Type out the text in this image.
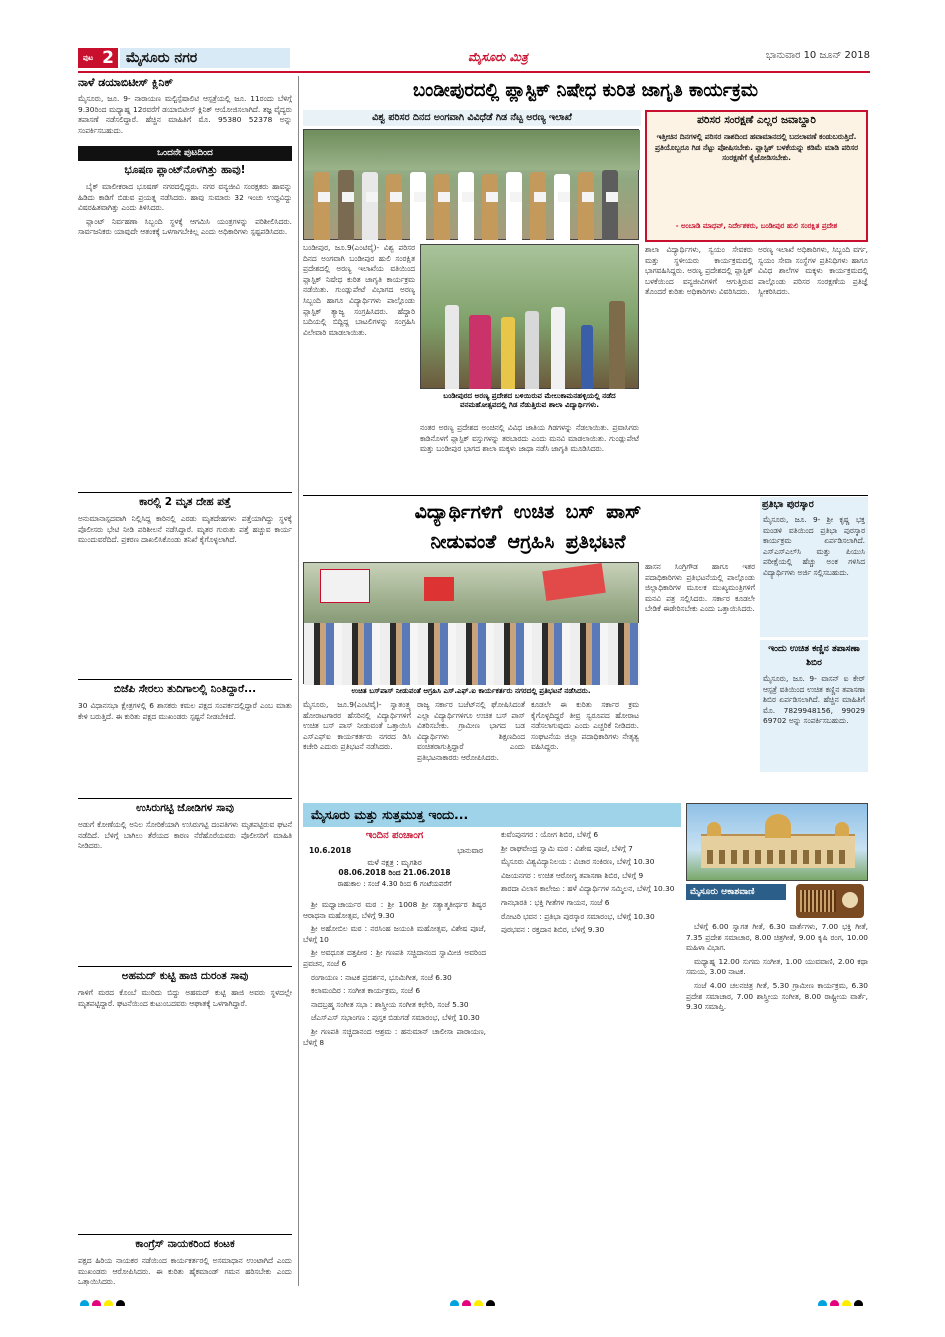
ಪುಟ 2 ಮೈಸೂರು ನಗರ	ಮೈಸೂರು ಮಿತ್ರ	ಭಾನುವಾರ 10 ಜೂನ್ 2018
ನಾಳೆ ಡಯಾಬಿಟೀಸ್ ಕ್ಲಿನಿಕ್
ಮೈಸೂರು, ಜೂ. 9- ನಾರಾಯಣ ಮಲ್ಟಿಸ್ಪೆಷಾಲಿಟಿ ಆಸ್ಪತ್ರೆಯಲ್ಲಿ ಜೂ. 11ರಂದು ಬೆಳಿಗ್ಗೆ 9.30ರಿಂದ ಮಧ್ಯಾಹ್ನ 12ರವರೆಗೆ ಡಯಾಬಿಟೀಸ್ ಕ್ಲಿನಿಕ್ ಆಯೋಜಿಸಲಾಗಿದೆ. ತಜ್ಞ ವೈದ್ಯರು ತಪಾಸಣೆ ನಡೆಸಲಿದ್ದಾರೆ. ಹೆಚ್ಚಿನ ಮಾಹಿತಿಗೆ ಮೊ. 95380 52378 ಅನ್ನು ಸಂಪರ್ಕಿಸಬಹುದು.
ಒಂದನೇ ಪುಟದಿಂದ
ಭೂಷಣ ಪ್ಲಾಂಟ್‌ನೊಳಗಿತ್ತು ಹಾವು!

ಬೈಕ್ ಮಾಲೀಕರಾದ ಭೂಷಣ್ ನಗರದಲ್ಲಿದ್ದರು. ನಗರ ವನ್ಯಜೀವಿ ಸಂರಕ್ಷಕರು ಹಾವನ್ನು ಹಿಡಿದು ಕಾಡಿಗೆ ಬಿಡುವ ಪ್ರಯತ್ನ ನಡೆಸಿದರು. ಹಾವು ಸುಮಾರು 32 ಇಂಚು ಉದ್ದವಿದ್ದು ವಿಷರಹಿತವಾಗಿತ್ತು ಎಂದು ತಿಳಿಸಿದರು.

ಪ್ಲಾಂಟ್ ನಿರ್ವಹಣಾ ಸಿಬ್ಬಂದಿ ಸ್ಥಳಕ್ಕೆ ಆಗಮಿಸಿ ಯಂತ್ರಗಳನ್ನು ಪರಿಶೀಲಿಸಿದರು. ಸಾರ್ವಜನಿಕರು ಯಾವುದೇ ಆತಂಕಕ್ಕೆ ಒಳಗಾಗಬೇಕಿಲ್ಲ ಎಂದು ಅಧಿಕಾರಿಗಳು ಸ್ಪಷ್ಟಪಡಿಸಿದರು.

ಕಾರಲ್ಲಿ 2 ಮೃತ ದೇಹ ಪತ್ತೆ
ಅನುಮಾನಾಸ್ಪದವಾಗಿ ನಿಲ್ಲಿಸಿದ್ದ ಕಾರಿನಲ್ಲಿ ಎರಡು ಮೃತದೇಹಗಳು ಪತ್ತೆಯಾಗಿದ್ದು ಸ್ಥಳಕ್ಕೆ ಪೊಲೀಸರು ಭೇಟಿ ನೀಡಿ ಪರಿಶೀಲನೆ ನಡೆಸಿದ್ದಾರೆ. ಮೃತರ ಗುರುತು ಪತ್ತೆ ಹಚ್ಚುವ ಕಾರ್ಯ ಮುಂದುವರೆದಿದೆ. ಪ್ರಕರಣ ದಾಖಲಿಸಿಕೊಂಡು ತನಿಖೆ ಕೈಗೊಳ್ಳಲಾಗಿದೆ.
ಬಿಜೆಪಿ ಸೇರಲು ತುದಿಗಾಲಲ್ಲಿ ನಿಂತಿದ್ದಾರೆ...
30 ವಿಧಾನಸಭಾ ಕ್ಷೇತ್ರಗಳಲ್ಲಿ 6 ಶಾಸಕರು ಕಮಲ ಪಕ್ಷದ ಸಂಪರ್ಕದಲ್ಲಿದ್ದಾರೆ ಎಂಬ ಮಾತು ಕೇಳಿ ಬರುತ್ತಿದೆ. ಈ ಕುರಿತು ಪಕ್ಷದ ಮುಖಂಡರು ಸ್ಪಷ್ಟನೆ ನೀಡಬೇಕಿದೆ.
ಉಸಿರುಗಟ್ಟಿ ಜೋಡಿಗಳ ಸಾವು
ಅಡುಗೆ ಕೋಣೆಯಲ್ಲಿ ಅನಿಲ ಸೋರಿಕೆಯಾಗಿ ಉಸಿರುಗಟ್ಟಿ ದಂಪತಿಗಳು ಮೃತಪಟ್ಟಿರುವ ಘಟನೆ ನಡೆದಿದೆ. ಬೆಳಿಗ್ಗೆ ಬಾಗಿಲು ತೆರೆಯದ ಕಾರಣ ನೆರೆಹೊರೆಯವರು ಪೊಲೀಸರಿಗೆ ಮಾಹಿತಿ ನೀಡಿದರು.
ಅಹಮದ್ ಕುಟ್ಟಿ ಹಾಜಿ ದುರಂತ ಸಾವು
ಗಾಳಿಗೆ ಮರದ ಕೊಂಬೆ ಮುರಿದು ಬಿದ್ದು ಅಹಮದ್ ಕುಟ್ಟಿ ಹಾಜಿ ಅವರು ಸ್ಥಳದಲ್ಲೇ ಮೃತಪಟ್ಟಿದ್ದಾರೆ. ಘಟನೆಯಿಂದ ಕುಟುಂಬದವರು ಆಘಾತಕ್ಕೆ ಒಳಗಾಗಿದ್ದಾರೆ.
ಕಾಂಗ್ರೆಸ್ ನಾಯಕರಿಂದ ಕಂಟಕ
ಪಕ್ಷದ ಹಿರಿಯ ನಾಯಕರ ನಡೆಯಿಂದ ಕಾರ್ಯಕರ್ತರಲ್ಲಿ ಅಸಮಾಧಾನ ಉಂಟಾಗಿದೆ ಎಂದು ಮುಖಂಡರು ಆರೋಪಿಸಿದರು. ಈ ಕುರಿತು ಹೈಕಮಾಂಡ್ ಗಮನ ಹರಿಸಬೇಕು ಎಂದು ಒತ್ತಾಯಿಸಿದರು.
ಬಂಡೀಪುರದಲ್ಲಿ ಪ್ಲಾಸ್ಟಿಕ್ ನಿಷೇಧ ಕುರಿತ ಜಾಗೃತಿ ಕಾರ್ಯಕ್ರಮ
ವಿಶ್ವ ಪರಿಸರ ದಿನದ ಅಂಗವಾಗಿ ವಿವಿಧೆಡೆ ಗಿಡ ನೆಟ್ಟ ಅರಣ್ಯ ಇಲಾಖೆ
ಬಂಡೀಪುರದ ಅರಣ್ಯ ಪ್ರದೇಶದ ಬಳಿಯಿರುವ ಮೇಲುಕಾಮನಹಳ್ಳಿಯಲ್ಲಿ ನಡೆದ ವನಮಹೋತ್ಸವದಲ್ಲಿ ಗಿಡ ನೆಡುತ್ತಿರುವ ಶಾಲಾ ವಿದ್ಯಾರ್ಥಿಗಳು.
ಬಂಡೀಪುರ, ಜೂ.9(ಎಂಟಿವೈ)- ವಿಶ್ವ ಪರಿಸರ ದಿನದ ಅಂಗವಾಗಿ ಬಂಡೀಪುರ ಹುಲಿ ಸಂರಕ್ಷಿತ ಪ್ರದೇಶದಲ್ಲಿ ಅರಣ್ಯ ಇಲಾಖೆಯ ವತಿಯಿಂದ ಪ್ಲಾಸ್ಟಿಕ್ ನಿಷೇಧ ಕುರಿತ ಜಾಗೃತಿ ಕಾರ್ಯಕ್ರಮ ನಡೆಯಿತು. ಗುಂಡ್ಲುಪೇಟೆ ವಿಭಾಗದ ಅರಣ್ಯ ಸಿಬ್ಬಂದಿ ಹಾಗೂ ವಿದ್ಯಾರ್ಥಿಗಳು ಪಾಲ್ಗೊಂಡು ಪ್ಲಾಸ್ಟಿಕ್ ತ್ಯಾಜ್ಯ ಸಂಗ್ರಹಿಸಿದರು. ಹೆದ್ದಾರಿ ಬದಿಯಲ್ಲಿ ಬಿದ್ದಿದ್ದ ಬಾಟಲಿಗಳನ್ನು ಸಂಗ್ರಹಿಸಿ ವಿಲೇವಾರಿ ಮಾಡಲಾಯಿತು.
ನಂತರ ಅರಣ್ಯ ಪ್ರದೇಶದ ಅಂಚಿನಲ್ಲಿ ವಿವಿಧ ಜಾತಿಯ ಗಿಡಗಳನ್ನು ನೆಡಲಾಯಿತು. ಪ್ರವಾಸಿಗರು ಕಾಡಿನೊಳಗೆ ಪ್ಲಾಸ್ಟಿಕ್ ವಸ್ತುಗಳನ್ನು ತರಬಾರದು ಎಂದು ಮನವಿ ಮಾಡಲಾಯಿತು. ಗುಂಡ್ಲುಪೇಟೆ ಮತ್ತು ಬಂಡೀಪುರ ಭಾಗದ ಶಾಲಾ ಮಕ್ಕಳು ಜಾಥಾ ನಡೆಸಿ ಜಾಗೃತಿ ಮೂಡಿಸಿದರು.
ಪರಿಸರ ಸಂರಕ್ಷಣೆ ಎಲ್ಲರ ಜವಾಬ್ದಾರಿ
ಇತ್ತೀಚಿನ ದಿನಗಳಲ್ಲಿ ಪರಿಸರ ನಾಶದಿಂದ ಹವಾಮಾನದಲ್ಲಿ ಬದಲಾವಣೆ ಕಂಡುಬರುತ್ತಿದೆ. ಪ್ರತಿಯೊಬ್ಬರೂ ಗಿಡ ನೆಟ್ಟು ಪೋಷಿಸಬೇಕು. ಪ್ಲಾಸ್ಟಿಕ್ ಬಳಕೆಯನ್ನು ಕಡಿಮೆ ಮಾಡಿ ಪರಿಸರ ಸಂರಕ್ಷಣೆಗೆ ಕೈಜೋಡಿಸಬೇಕು.
- ಅಂಬಾಡಿ ಮಾಧವ್, ನಿರ್ದೇಶಕರು, ಬಂಡೀಪುರ ಹುಲಿ ಸಂರಕ್ಷಿತ ಪ್ರದೇಶ
ಶಾಲಾ ವಿದ್ಯಾರ್ಥಿಗಳು, ಸ್ವಯಂ ಸೇವಕರು ಮತ್ತು ಸ್ಥಳೀಯರು ಕಾರ್ಯಕ್ರಮದಲ್ಲಿ ಭಾಗವಹಿಸಿದ್ದರು. ಅರಣ್ಯ ಪ್ರದೇಶದಲ್ಲಿ ಪ್ಲಾಸ್ಟಿಕ್ ಬಳಕೆಯಿಂದ ವನ್ಯಜೀವಿಗಳಿಗೆ ಆಗುತ್ತಿರುವ ತೊಂದರೆ ಕುರಿತು ಅಧಿಕಾರಿಗಳು ವಿವರಿಸಿದರು.
ಅರಣ್ಯ ಇಲಾಖೆ ಅಧಿಕಾರಿಗಳು, ಸಿಬ್ಬಂದಿ ವರ್ಗ, ಸ್ವಯಂ ಸೇವಾ ಸಂಸ್ಥೆಗಳ ಪ್ರತಿನಿಧಿಗಳು ಹಾಗೂ ವಿವಿಧ ಶಾಲೆಗಳ ಮಕ್ಕಳು ಕಾರ್ಯಕ್ರಮದಲ್ಲಿ ಪಾಲ್ಗೊಂಡು ಪರಿಸರ ಸಂರಕ್ಷಣೆಯ ಪ್ರತಿಜ್ಞೆ ಸ್ವೀಕರಿಸಿದರು.
ವಿದ್ಯಾರ್ಥಿಗಳಿಗೆ ಉಚಿತ ಬಸ್ ಪಾಸ್
ನೀಡುವಂತೆ ಆಗ್ರಹಿಸಿ ಪ್ರತಿಭಟನೆ
ಉಚಿತ ಬಸ್‌ಪಾಸ್ ನೀಡುವಂತೆ ಆಗ್ರಹಿಸಿ ಎಸ್.ಎಫ್.ಐ ಕಾರ್ಯಕರ್ತರು ನಗರದಲ್ಲಿ ಪ್ರತಿಭಟನೆ ನಡೆಸಿದರು.
ಹಾಸನ ಸಿಂಗ್ರಿಗೌಡ ಹಾಗೂ ಇತರ ಪದಾಧಿಕಾರಿಗಳು ಪ್ರತಿಭಟನೆಯಲ್ಲಿ ಪಾಲ್ಗೊಂಡು ಜಿಲ್ಲಾಧಿಕಾರಿಗಳ ಮೂಲಕ ಮುಖ್ಯಮಂತ್ರಿಗಳಿಗೆ ಮನವಿ ಪತ್ರ ಸಲ್ಲಿಸಿದರು. ಸರ್ಕಾರ ಕೂಡಲೇ ಬೇಡಿಕೆ ಈಡೇರಿಸಬೇಕು ಎಂದು ಒತ್ತಾಯಿಸಿದರು.
ಮೈಸೂರು, ಜೂ.9(ಎಂಟಿವೈ)- ಸ್ವಾತಂತ್ರ್ಯ ಹೋರಾಟಗಾರರ ಹೆಸರಿನಲ್ಲಿ ವಿದ್ಯಾರ್ಥಿಗಳಿಗೆ ಉಚಿತ ಬಸ್ ಪಾಸ್ ನೀಡುವಂತೆ ಒತ್ತಾಯಿಸಿ ಎಸ್‌ಎಫ್‌ಐ ಕಾರ್ಯಕರ್ತರು ನಗರದ ಡಿಸಿ ಕಚೇರಿ ಎದುರು ಪ್ರತಿಭಟನೆ ನಡೆಸಿದರು.
ರಾಜ್ಯ ಸರ್ಕಾರ ಬಜೆಟ್‌ನಲ್ಲಿ ಘೋಷಿಸಿದಂತೆ ಎಲ್ಲಾ ವಿದ್ಯಾರ್ಥಿಗಳಿಗೂ ಉಚಿತ ಬಸ್ ಪಾಸ್ ವಿತರಿಸಬೇಕು. ಗ್ರಾಮೀಣ ಭಾಗದ ಬಡ ವಿದ್ಯಾರ್ಥಿಗಳು ಶಿಕ್ಷಣದಿಂದ ವಂಚಿತರಾಗುತ್ತಿದ್ದಾರೆ ಎಂದು ಪ್ರತಿಭಟನಾಕಾರರು ಆರೋಪಿಸಿದರು.
ಕೂಡಲೇ ಈ ಕುರಿತು ಸರ್ಕಾರ ಕ್ರಮ ಕೈಗೊಳ್ಳದಿದ್ದರೆ ತೀವ್ರ ಸ್ವರೂಪದ ಹೋರಾಟ ನಡೆಸಲಾಗುವುದು ಎಂದು ಎಚ್ಚರಿಕೆ ನೀಡಿದರು. ಸಂಘಟನೆಯ ಜಿಲ್ಲಾ ಪದಾಧಿಕಾರಿಗಳು ನೇತೃತ್ವ ವಹಿಸಿದ್ದರು.
ಪ್ರತಿಭಾ ಪುರಸ್ಕಾರ
ಮೈಸೂರು, ಜೂ. 9- ಶ್ರೀ ಕೃಷ್ಣ ಭಕ್ತ ಮಂಡಳಿ ವತಿಯಿಂದ ಪ್ರತಿಭಾ ಪುರಸ್ಕಾರ ಕಾರ್ಯಕ್ರಮ ಏರ್ಪಡಿಸಲಾಗಿದೆ. ಎಸ್ಎಸ್ಎಲ್‌ಸಿ ಮತ್ತು ಪಿಯುಸಿ ಪರೀಕ್ಷೆಯಲ್ಲಿ ಹೆಚ್ಚು ಅಂಕ ಗಳಿಸಿದ ವಿದ್ಯಾರ್ಥಿಗಳು ಅರ್ಜಿ ಸಲ್ಲಿಸಬಹುದು.
ಇಂದು ಉಚಿತ ಕಣ್ಣಿನ ತಪಾಸಣಾ ಶಿಬಿರ
ಮೈಸೂರು, ಜೂ. 9- ವಾಸನ್ ಐ ಕೇರ್ ಆಸ್ಪತ್ರೆ ವತಿಯಿಂದ ಉಚಿತ ಕಣ್ಣಿನ ತಪಾಸಣಾ ಶಿಬಿರ ಏರ್ಪಡಿಸಲಾಗಿದೆ. ಹೆಚ್ಚಿನ ಮಾಹಿತಿಗೆ ಮೊ. 7829948156, 99029 69702 ಅನ್ನು ಸಂಪರ್ಕಿಸಬಹುದು.
ಮೈಸೂರು ಮತ್ತು ಸುತ್ತಮುತ್ತ ಇಂದು...
ಇಂದಿನ ಪಂಚಾಂಗ
10.6.2018	ಭಾನುವಾರ
ಮಳೆ ನಕ್ಷತ್ರ : ಮೃಗಶಿರ
08.06.2018 ರಿಂದ 21.06.2018
ರಾಹುಕಾಲ : ಸಂಜೆ 4.30 ರಿಂದ 6 ಗಂಟೆಯವರೆಗೆ

ಶ್ರೀ ಮಧ್ವಾಚಾರ್ಯರ ಮಠ : ಶ್ರೀ 1008 ಶ್ರೀ ಸತ್ಯಾತ್ಮತೀರ್ಥರ ಶಿಷ್ಯರ ಆರಾಧನಾ ಮಹೋತ್ಸವ, ಬೆಳಿಗ್ಗೆ 9.30

ಶ್ರೀ ಅಹೋಬಿಲ ಮಠ : ನರಸಿಂಹ ಜಯಂತಿ ಮಹೋತ್ಸವ, ವಿಶೇಷ ಪೂಜೆ, ಬೆಳಿಗ್ಗೆ 10

ಶ್ರೀ ಅವಧೂತ ದತ್ತಪೀಠ : ಶ್ರೀ ಗಣಪತಿ ಸಚ್ಚಿದಾನಂದ ಸ್ವಾಮೀಜಿ ಅವರಿಂದ ಪ್ರವಚನ, ಸಂಜೆ 6

ರಂಗಾಯಣ : ನಾಟಕ ಪ್ರದರ್ಶನ, ಭೂಮಿಗೀತ, ಸಂಜೆ 6.30

ಕಲಾಮಂದಿರ : ಸಂಗೀತ ಕಾರ್ಯಕ್ರಮ, ಸಂಜೆ 6

ನಾದಬ್ರಹ್ಮ ಸಂಗೀತ ಸಭಾ : ಶಾಸ್ತ್ರೀಯ ಸಂಗೀತ ಕಛೇರಿ, ಸಂಜೆ 5.30

ಜೆಎಸ್ಎಸ್ ಸಭಾಂಗಣ : ಪುಸ್ತಕ ಬಿಡುಗಡೆ ಸಮಾರಂಭ, ಬೆಳಿಗ್ಗೆ 10.30

ಶ್ರೀ ಗಣಪತಿ ಸಚ್ಚಿದಾನಂದ ಆಶ್ರಮ : ಹನುಮಾನ್ ಚಾಲೀಸಾ ಪಾರಾಯಣ, ಬೆಳಿಗ್ಗೆ 8

ಕುವೆಂಪುನಗರ : ಯೋಗ ಶಿಬಿರ, ಬೆಳಿಗ್ಗೆ 6

ಶ್ರೀ ರಾಘವೇಂದ್ರ ಸ್ವಾಮಿ ಮಠ : ವಿಶೇಷ ಪೂಜೆ, ಬೆಳಿಗ್ಗೆ 7

ಮೈಸೂರು ವಿಶ್ವವಿದ್ಯಾನಿಲಯ : ವಿಚಾರ ಸಂಕಿರಣ, ಬೆಳಿಗ್ಗೆ 10.30

ವಿಜಯನಗರ : ಉಚಿತ ಆರೋಗ್ಯ ತಪಾಸಣಾ ಶಿಬಿರ, ಬೆಳಿಗ್ಗೆ 9

ಶಾರದಾ ವಿಲಾಸ ಕಾಲೇಜು : ಹಳೆ ವಿದ್ಯಾರ್ಥಿಗಳ ಸಮ್ಮಿಲನ, ಬೆಳಿಗ್ಗೆ 10.30

ಗಾನಭಾರತಿ : ಭಕ್ತಿ ಗೀತೆಗಳ ಗಾಯನ, ಸಂಜೆ 6

ರೋಟರಿ ಭವನ : ಪ್ರತಿಭಾ ಪುರಸ್ಕಾರ ಸಮಾರಂಭ, ಬೆಳಿಗ್ಗೆ 10.30

ಪುರಭವನ : ರಕ್ತದಾನ ಶಿಬಿರ, ಬೆಳಿಗ್ಗೆ 9.30

ಮೈಸೂರು ಆಕಾಶವಾಣಿ

ಬೆಳಿಗ್ಗೆ 6.00 ಸ್ವಾಗತ ಗೀತೆ, 6.30 ವಾರ್ತೆಗಳು, 7.00 ಭಕ್ತಿ ಗೀತೆ, 7.35 ಪ್ರದೇಶ ಸಮಾಚಾರ, 8.00 ಚಿತ್ರಗೀತೆ, 9.00 ಕೃಷಿ ರಂಗ, 10.00 ಮಹಿಳಾ ವಿಭಾಗ.

ಮಧ್ಯಾಹ್ನ 12.00 ಸುಗಮ ಸಂಗೀತ, 1.00 ಯುವವಾಣಿ, 2.00 ಕಥಾ ಸಮಯ, 3.00 ನಾಟಕ.

ಸಂಜೆ 4.00 ಚಲನಚಿತ್ರ ಗೀತೆ, 5.30 ಗ್ರಾಮೀಣ ಕಾರ್ಯಕ್ರಮ, 6.30 ಪ್ರದೇಶ ಸಮಾಚಾರ, 7.00 ಶಾಸ್ತ್ರೀಯ ಸಂಗೀತ, 8.00 ರಾಷ್ಟ್ರೀಯ ವಾರ್ತೆ, 9.30 ಸಮಾಪ್ತಿ.
